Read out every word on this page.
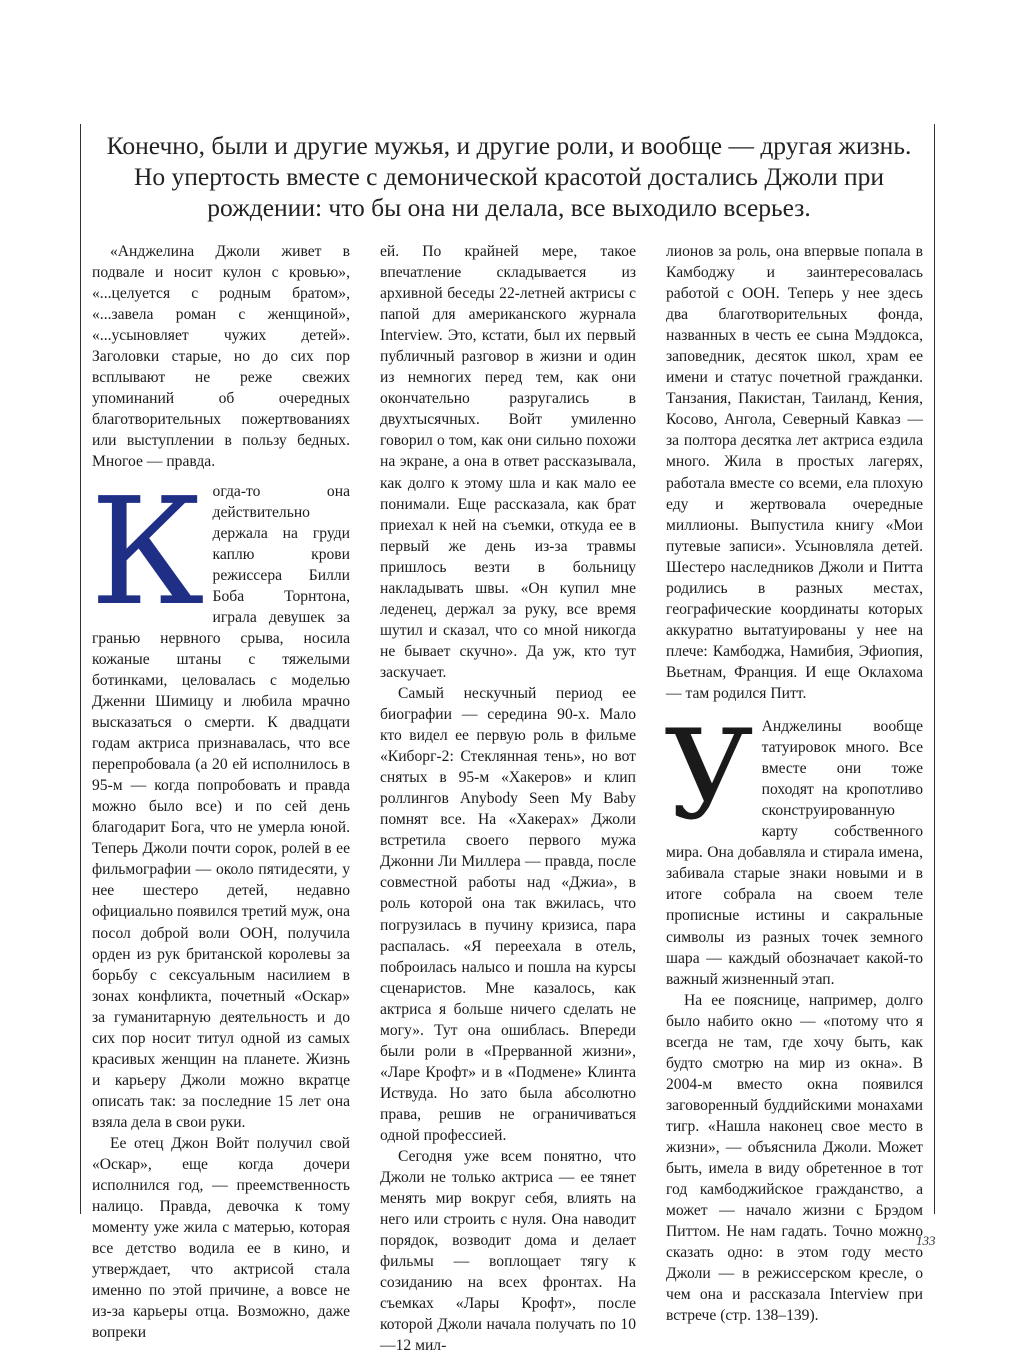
Конечно, были и другие мужья, и другие роли, и вообще — другая жизнь. Но упертость вместе с демонической красотой достались Джоли при рождении: что бы она ни делала, все выходило всерьез.

«Анджелина Джоли живет в подвале и носит кулон с кровью», «...целуется с родным братом», «...завела роман с женщиной», «...усыновляет чужих детей». Заголовки старые, но до сих пор всплывают не реже свежих упоминаний об очередных благотворительных пожертвованиях или выступлении в пользу бедных. Многое — правда.

Когда-то она действительно держала на груди каплю крови режиссера Билли Боба Торнтона, играла девушек за гранью нервного срыва, носила кожаные штаны с тяжелыми ботинками, целовалась с моделью Дженни Шимицу и любила мрачно высказаться о смерти. К двадцати годам актриса признавалась, что все перепробовала (а 20 ей исполнилось в 95-м — когда попробовать и правда можно было все) и по сей день благодарит Бога, что не умерла юной. Теперь Джоли почти сорок, ролей в ее фильмографии — около пятидесяти, у нее шестеро детей, недавно официально появился третий муж, она посол доброй воли ООН, получила орден из рук британской королевы за борьбу с сексуальным насилием в зонах конфликта, почетный «Оскар» за гуманитарную деятельность и до сих пор носит титул одной из самых красивых женщин на планете. Жизнь и карьеру Джоли можно вкратце описать так: за последние 15 лет она взяла дела в свои руки.

Ее отец Джон Войт получил свой «Оскар», еще когда дочери исполнился год, — преемственность налицо. Правда, девочка к тому моменту уже жила с матерью, которая все детство водила ее в кино, и утверждает, что актрисой стала именно по этой причине, а вовсе не из-за карьеры отца. Возможно, даже вопреки

ей. По крайней мере, такое впечатление складывается из архивной беседы 22-летней актрисы с папой для американского журнала Interview. Это, кстати, был их первый публичный разговор в жизни и один из немногих перед тем, как они окончательно разругались в двухтысячных. Войт умиленно говорил о том, как они сильно похожи на экране, а она в ответ рассказывала, как долго к этому шла и как мало ее понимали. Еще рассказала, как брат приехал к ней на съемки, откуда ее в первый же день из-за травмы пришлось везти в больницу накладывать швы. «Он купил мне леденец, держал за руку, все время шутил и сказал, что со мной никогда не бывает скучно». Да уж, кто тут заскучает.

Самый нескучный период ее биографии — середина 90-х. Мало кто видел ее первую роль в фильме «Киборг-2: Стеклянная тень», но вот снятых в 95-м «Хакеров» и клип роллингов Anybody Seen My Baby помнят все. На «Хакерах» Джоли встретила своего первого мужа Джонни Ли Миллера — правда, после совместной работы над «Джиа», в роль которой она так вжилась, что погрузилась в пучину кризиса, пара распалась. «Я переехала в отель, поброилась налысо и пошла на курсы сценаристов. Мне казалось, как актриса я больше ничего сделать не могу». Тут она ошиблась. Впереди были роли в «Прерванной жизни», «Ларе Крофт» и в «Подмене» Клинта Иствуда. Но зато была абсолютно права, решив не ограничиваться одной профессией.

Сегодня уже всем понятно, что Джоли не только актриса — ее тянет менять мир вокруг себя, влиять на него или строить с нуля. Она наводит порядок, возводит дома и делает фильмы — воплощает тягу к созиданию на всех фронтах. На съемках «Лары Крофт», после которой Джоли начала получать по 10—12 мил-

лионов за роль, она впервые попала в Камбоджу и заинтересовалась работой с ООН. Теперь у нее здесь два благотворительных фонда, названных в честь ее сына Мэддокса, заповедник, десяток школ, храм ее имени и статус почетной гражданки. Танзания, Пакистан, Таиланд, Кения, Косово, Ангола, Северный Кавказ — за полтора десятка лет актриса ездила много. Жила в простых лагерях, работала вместе со всеми, ела плохую еду и жертвовала очередные миллионы. Выпустила книгу «Мои путевые записи». Усыновляла детей. Шестеро наследников Джоли и Питта родились в разных местах, географические координаты которых аккуратно вытатуированы у нее на плече: Камбоджа, Намибия, Эфиопия, Вьетнам, Франция. И еще Оклахома — там родился Питт.

У Анджелины вообще татуировок много. Все вместе они тоже походят на кропотливо сконструированную карту собственного мира. Она добавляла и стирала имена, забивала старые знаки новыми и в итоге собрала на своем теле прописные истины и сакральные символы из разных точек земного шара — каждый обозначает какой-то важный жизненный этап.

На ее пояснице, например, долго было набито окно — «потому что я всегда не там, где хочу быть, как будто смотрю на мир из окна». В 2004-м вместо окна появился заговоренный буддийскими монахами тигр. «Нашла наконец свое место в жизни», — объяснила Джоли. Может быть, имела в виду обретенное в тот год камбоджийское гражданство, а может — начало жизни с Брэдом Питтом. Не нам гадать. Точно можно сказать одно: в этом году место Джоли — в режиссерском кресле, о чем она и рассказала Interview при встрече (стр. 138–139).

133
